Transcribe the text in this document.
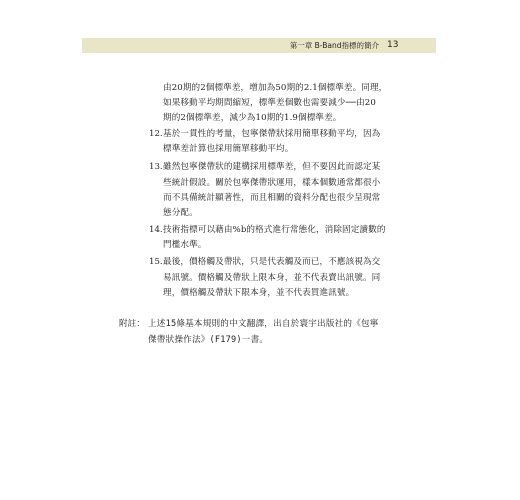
第一章 B-Band指標的簡介 13
由20期的2個標準差，增加為50期的2.1個標準差。同理，
如果移動平均期間縮短，標準差個數也需要減少──由20
期的2個標準差，減少為10期的1.9個標準差。
12. 基於一貫性的考量，包寧傑帶狀採用簡單移動平均，因為
標準差計算也採用簡單移動平均。
13. 雖然包寧傑帶狀的建構採用標準差，但不要因此而認定某
些統計假設。關於包寧傑帶狀運用，樣本個數通常都很小
而不具備統計顯著性，而且相關的資料分配也很少呈現常
態分配。
14. 技術指標可以藉由%b的格式進行常態化，消除固定讀數的
門檻水準。
15. 最後，價格觸及帶狀，只是代表觸及而已，不應該視為交
易訊號。價格觸及帶狀上限本身，並不代表賣出訊號。同
理，價格觸及帶狀下限本身，並不代表買進訊號。
附註： 上述15條基本規則的中文翻譯，出自於寰宇出版社的《包寧
傑帶狀操作法》(F179)一書。
